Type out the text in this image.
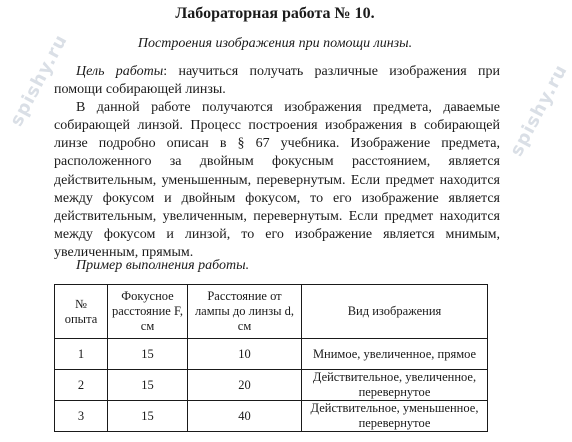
Лабораторная работа № 10.
Построения изображения при помощи линзы.

Цель работы: научиться получать различные изображения при помощи собирающей линзы.

В данной работе получаются изображения предмета, даваемые собирающей линзой. Процесс построения изображения в собирающей линзе подробно описан в § 67 учебника. Изображение предмета, расположенного за двойным фокусным расстоянием, является действительным, уменьшенным, перевернутым. Если предмет находится между фокусом и двойным фокусом, то его изображение является действительным, увеличенным, перевернутым. Если предмет находится между фокусом и линзой, то его изображение является мнимым, увеличенным, прямым.

Пример выполнения работы.
№ опыта	Фокусное расстояние F, см	Расстояние от лампы до линзы d, см	Вид изображения
1	15	10	Мнимое, увеличенное, прямое
2	15	20	Действительное, увеличенное, перевернутое
3	15	40	Действительное, уменьшенное, перевернутое
spishy.ru	spishy.ru
